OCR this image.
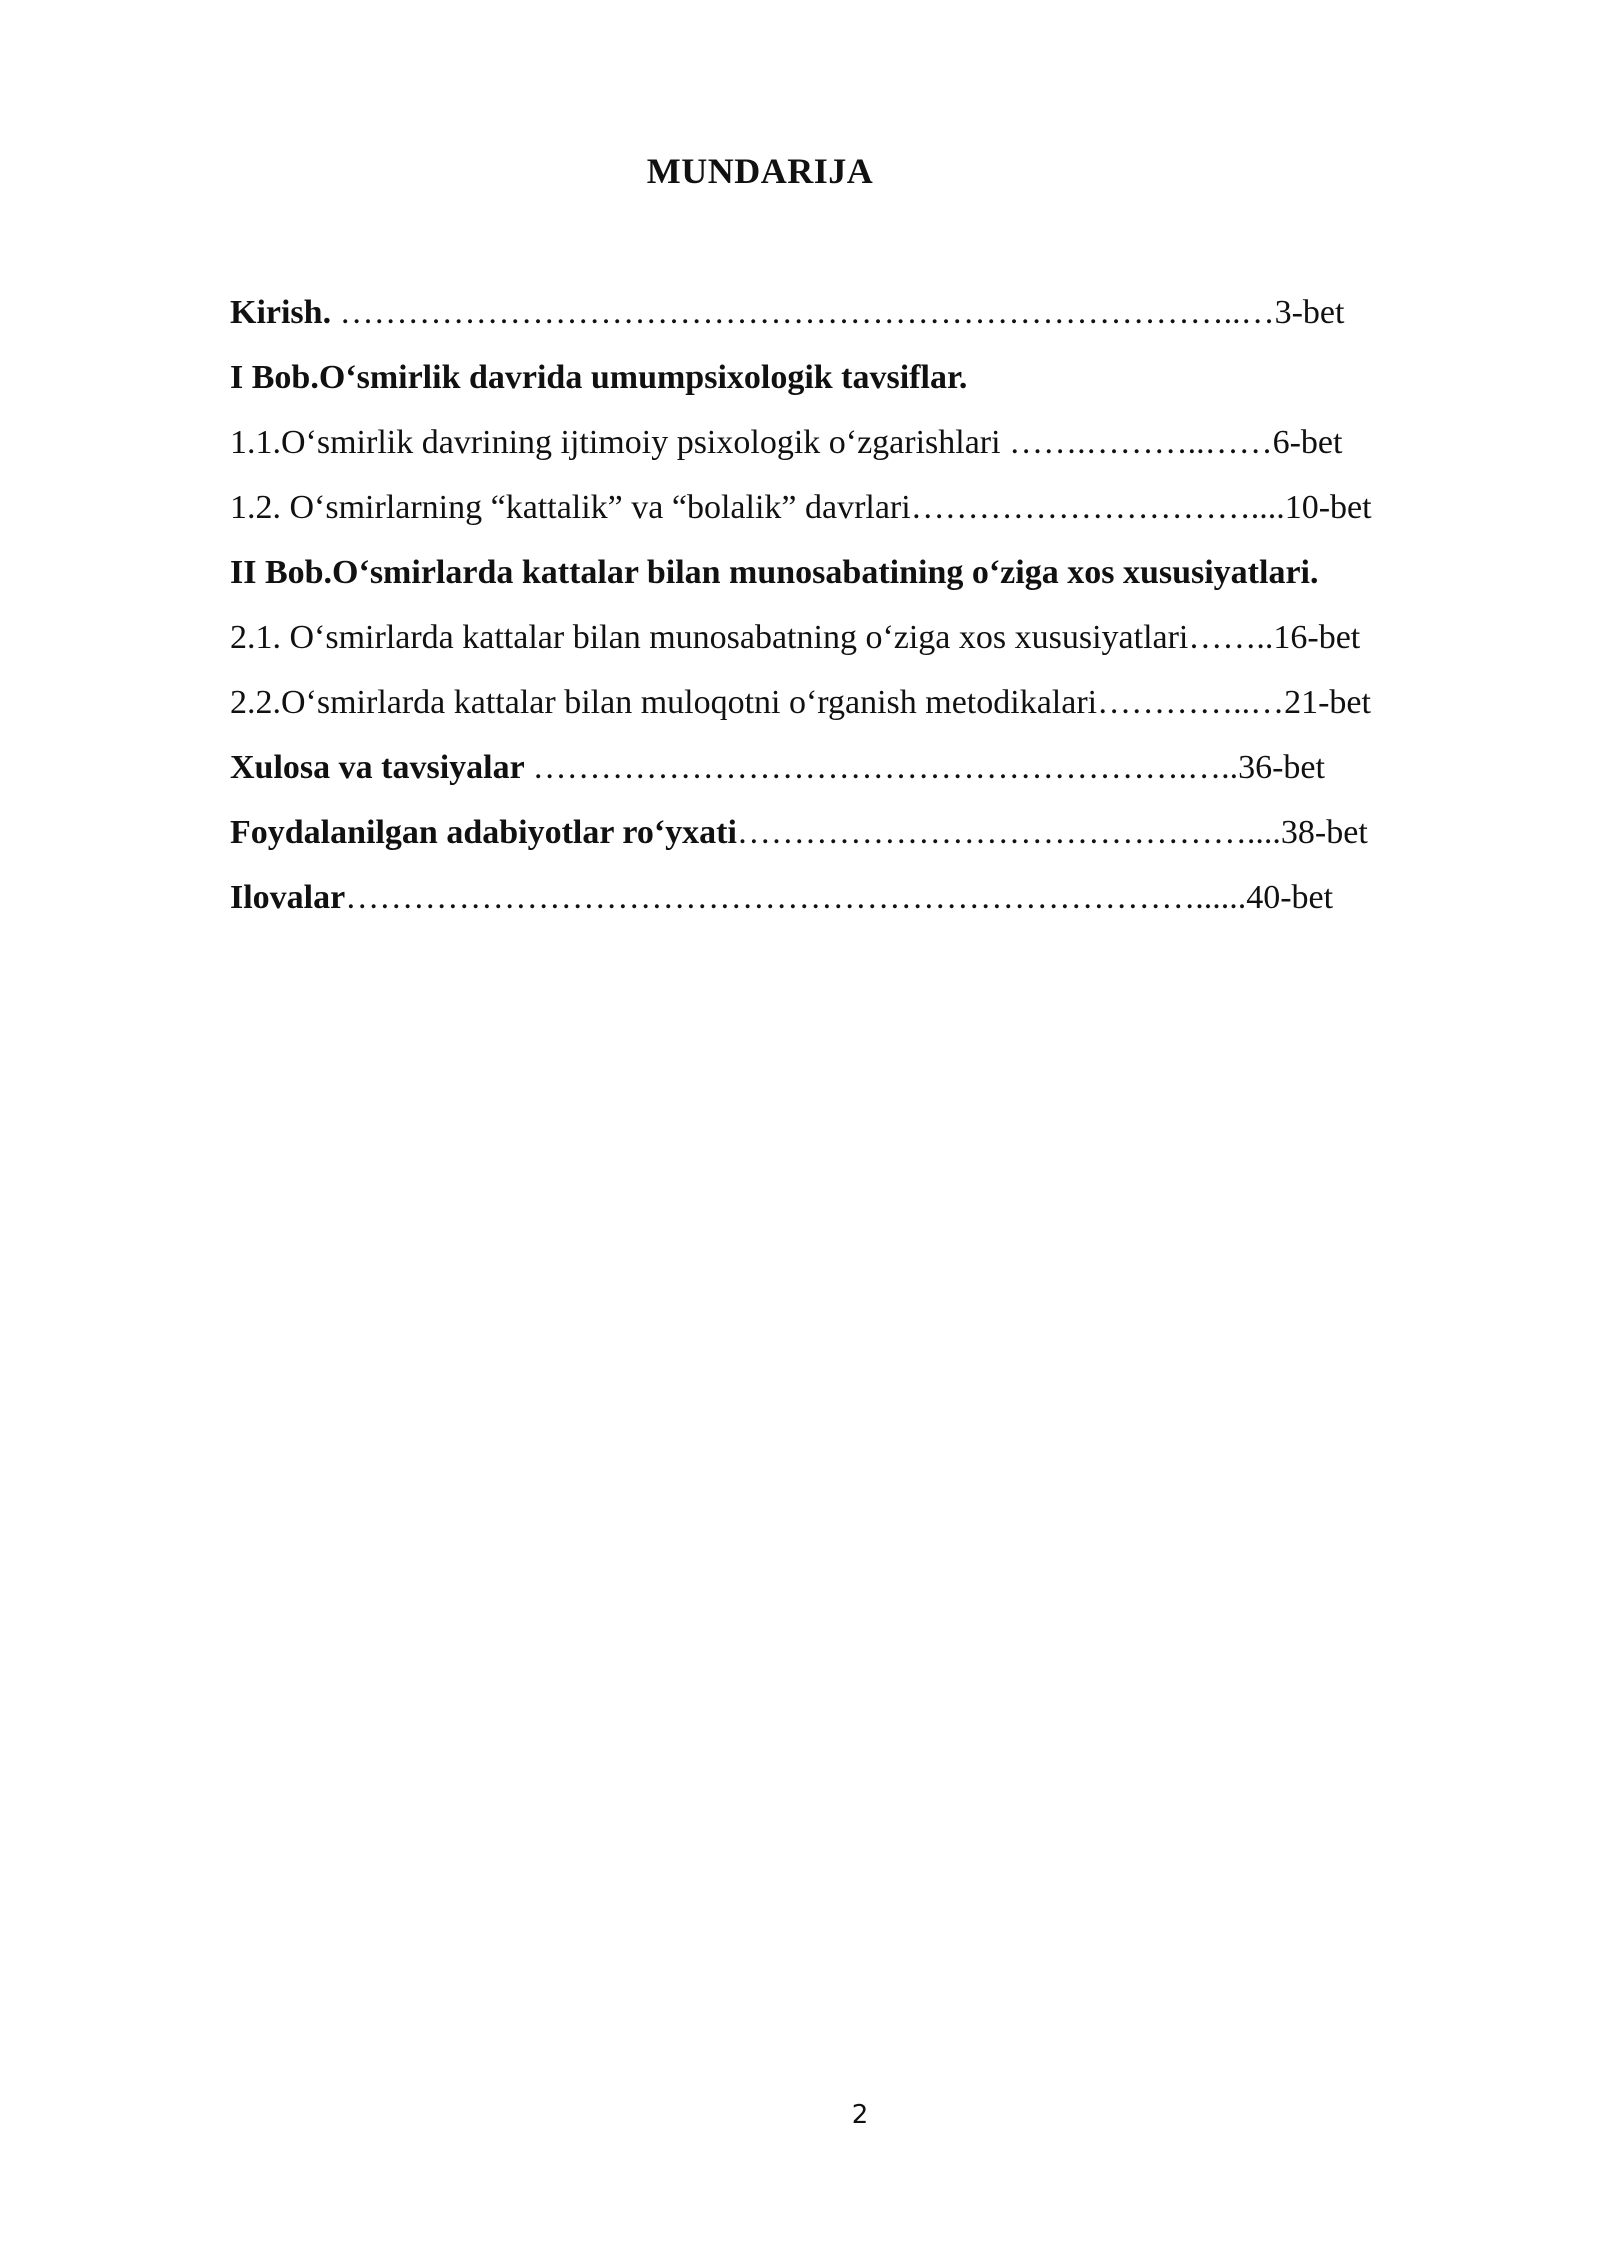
MUNDARIJA
Kirish. ……………………………………………………………………..…3-bet
I Bob.O‘smirlik davrida umumpsixologik tavsiflar.
1.1.O‘smirlik davrining ijtimoiy psixologik o‘zgarishlari …….………..……6-bet
1.2. O‘smirlarning “kattalik” va “bolalik” davrlari…………………………....10-bet
II Bob.O‘smirlarda kattalar bilan munosabatining o‘ziga xos xususiyatlari.
2.1. O‘smirlarda kattalar bilan munosabatning o‘ziga xos xususiyatlari……..16-bet
2.2.O‘smirlarda kattalar bilan muloqotni o‘rganish metodikalari…………..…21-bet
Xulosa va tavsiyalar ………………………………………………….…..36-bet
Foydalanilgan adabiyotlar ro‘yxati………………………………………....38-bet
Ilovalar…………………………………………………………………......40-bet
2
